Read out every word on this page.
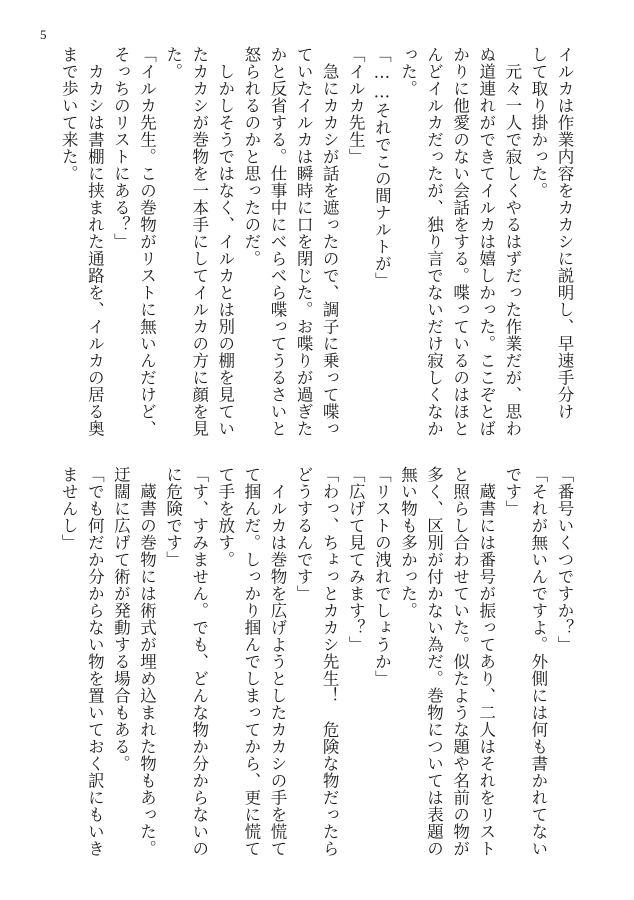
5
イルカは作業内容をカカシに説明し、早速手分け
して取り掛かった。
　元々一人で寂しくやるはずだった作業だが、思わ
ぬ道連れができてイルカは嬉しかった。ここぞとば
かりに他愛のない会話をする。喋っているのはほと
んどイルカだったが、独り言でないだけ寂しくなか
った。
「……それでこの間ナルトが」
「イルカ先生」
　急にカカシが話を遮ったので、調子に乗って喋っ
ていたイルカは瞬時に口を閉じた。お喋りが過ぎた
かと反省する。仕事中にべらべら喋ってうるさいと
怒られるのかと思ったのだ。
　しかしそうではなく、イルカとは別の棚を見てい
たカカシが巻物を一本手にしてイルカの方に顔を見
た。
「イルカ先生。この巻物がリストに無いんだけど、
そっちのリストにある？」
　カカシは書棚に挟まれた通路を、イルカの居る奥
まで歩いて来た。
「番号いくつですか？」
「それが無いんですよ。外側には何も書かれてない
です」
　蔵書には番号が振ってあり、二人はそれをリスト
と照らし合わせていた。似たような題や名前の物が
多く、区別が付かない為だ。巻物については表題の
無い物も多かった。
「リストの洩れでしょうか」
「広げて見てみます？」
「わっ、ちょっとカカシ先生！　危険な物だったら
どうするんです」
　イルカは巻物を広げようとしたカカシの手を慌て
て掴んだ。しっかり掴んでしまってから、更に慌て
て手を放す。
「す、すみません。でも、どんな物か分からないの
に危険です」
　蔵書の巻物には術式が埋め込まれた物もあった。
迂闊に広げて術が発動する場合もある。
「でも何だか分からない物を置いておく訳にもいき
ませんし」
